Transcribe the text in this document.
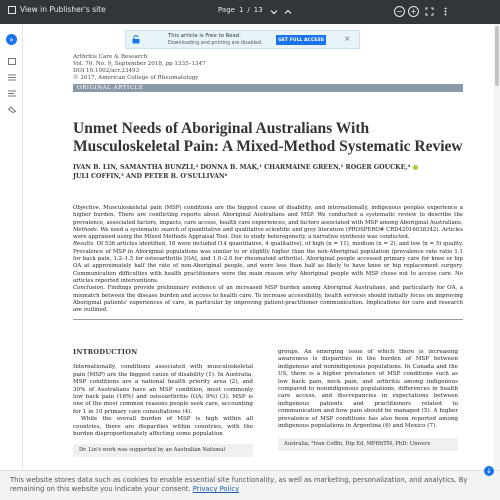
View in Publisher's site	Page 1 / 13	− +
»
Arthritis Care & Research
Vol. 70, No. 9, September 2018, pp 1335–1347
DOI 10.1002/acr.23493
© 2017, American College of Rheumatology
ORIGINAL ARTICLE
Unmet Needs of Aboriginal Australians With Musculoskeletal Pain: A Mixed-Method Systematic Review
IVAN B. LIN, SAMANTHA BUNZLI,² DONNA B. MAK,¹ CHARMAINE GREEN,¹ ROGER GOUCKE,⁴
JULI COFFIN,⁵ AND PETER B. O'SULLIVAN⁶

Objective. Musculoskeletal pain (MSP) conditions are the biggest cause of disability, and internationally, indigenous peoples experience a higher burden. There are conflicting reports about Aboriginal Australians and MSP. We conducted a systematic review to describe the prevalence, associated factors, impacts, care access, health care experiences, and factors associated with MSP among Aboriginal Australians.

Methods. We used a systematic search of quantitative and qualitative scientific and grey literature (PROSPERO# CRD42016038342). Articles were appraised using the Mixed Methods Appraisal Tool. Due to study heterogeneity, a narrative synthesis was conducted.

Results. Of 536 articles identified, 18 were included (14 quantitative, 4 qualitative), of high (n = 11), medium (n = 2), and low (n = 5) quality. Prevalence of MSP in Aboriginal populations was similar to or slightly higher than the non-Aboriginal population (prevalence rate ratio 1.1 for back pain, 1.2–1.5 for osteoarthritis [OA], and 1.0–2.0 for rheumatoid arthritis). Aboriginal people accessed primary care for knee or hip OA at approximately half the rate of non-Aboriginal people, and were less than half as likely to have knee or hip replacement surgery. Communication difficulties with health practitioners were the main reason why Aboriginal people with MSP chose not to access care. No articles reported interventions.

Conclusion. Findings provide preliminary evidence of an increased MSP burden among Aboriginal Australians, and particularly for OA, a mismatch between the disease burden and access to health care. To increase accessibility, health services should initially focus on improving Aboriginal patients' experiences of care, in particular by improving patient-practitioner communication. Implications for care and research are outlined.

INTRODUCTION

Internationally, conditions associated with musculoskeletal pain (MSP) are the biggest cause of disability (1). In Australia, MSP conditions are a national health priority area (2), and 30% of Australians have an MSP condition, most commonly low back pain (16%) and osteoarthritis (OA; 9%) (3). MSP is one of the most common reasons people seek care, accounting for 1 in 10 primary care consultations (4).

While the overall burden of MSP is high within all countries, there are disparities within countries, with the burden disproportionately affecting some population

Dr. Lin's work was supported by an Australian National

groups. An emerging issue of which there is increasing awareness is disparities in the burden of MSP between indigenous and nonindigenous populations. In Canada and the US, there is a higher prevalence of MSP conditions such as low back pain, neck pain, and arthritis among indigenous compared to nonindigenous populations, differences in health care access, and discrepancies in expectations between indigenous patients and practitioners related to communication and how pain should be managed (5). A higher prevalence of MSP conditions has also been reported among indigenous populations in Argentina (6) and Mexico (7).

Australia; ²Ivan Coffin, Dip Ed, MPHhTM, PhD: Univers
This article is Free to Read.
Downloading and printing are disabled.
GET FULL ACCESS	×
This website stores data such as cookies to enable essential site functionality, as well as marketing, personalization, and analytics. By remaining on this website you indicate your consent. Privacy Policy
↓
